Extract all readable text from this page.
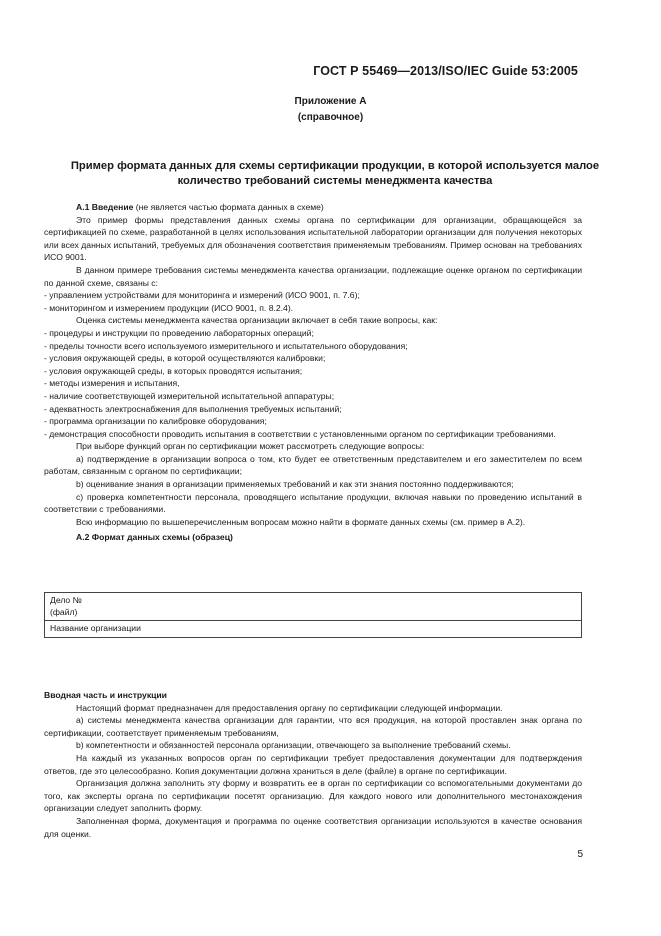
ГОСТ Р 55469—2013/ISO/IEC Guide 53:2005
Приложение А
(справочное)
Пример формата данных для схемы сертификации продукции, в которой используется малое
количество требований системы менеджмента качества

А.1 Введение (не является частью формата данных в схеме)

Это пример формы представления данных схемы органа по сертификации для организации, обращающейся за сертификацией по схеме, разработанной в целях использования испытательной лаборатории организации для получения некоторых или всех данных испытаний, требуемых для обозначения соответствия применяемым требованиям. Пример основан на требованиях ИСО 9001.

В данном примере требования системы менеджмента качества организации, подлежащие оценке органом по сертификации по данной схеме, связаны с:

- управлением устройствами для мониторинга и измерений (ИСО 9001, п. 7.6);

- мониторингом и измерением продукции (ИСО 9001, п. 8.2.4).

Оценка системы менеджмента качества организации включает в себя такие вопросы, как:

- процедуры и инструкции по проведению лабораторных операций;

- пределы точности всего используемого измерительного и испытательного оборудования;

- условия окружающей среды, в которой осуществляются калибровки;

- условия окружающей среды, в которых проводятся испытания;

- методы измерения и испытания,

- наличие соответствующей измерительной испытательной аппаратуры;

- адекватность электроснабжения для выполнения требуемых испытаний;

- программа организации по калибровке оборудования;

- демонстрация способности проводить испытания в соответствии с установленными органом по сертификации требованиями.

При выборе функций орган по сертификации может рассмотреть следующие вопросы:

а) подтверждение в организации вопроса о том, кто будет ее ответственным представителем и его заместителем по всем работам, связанным с органом по сертификации;

b) оценивание знания в организации применяемых требований и как эти знания постоянно поддерживаются;

c) проверка компетентности персонала, проводящего испытание продукции, включая навыки по проведению испытаний в соответствии с требованиями.

Всю информацию по вышеперечисленным вопросам можно найти в формате данных схемы (см. пример в А.2).

А.2 Формат данных схемы (образец)

Дело №
(файл)

Название организации

Вводная часть и инструкции

Настоящий формат предназначен для предоставления органу по сертификации следующей информации.

а) системы менеджмента качества организации для гарантии, что вся продукция, на которой проставлен знак органа по сертификации, соответствует применяемым требованиям,

b) компетентности и обязанностей персонала организации, отвечающего за выполнение требований схемы.

На каждый из указанных вопросов орган по сертификации требует предоставления документации для подтверждения ответов, где это целесообразно. Копия документации должна храниться в деле (файле) в органе по сертификации.

Организация должна заполнить эту форму и возвратить ее в орган по сертификации со вспомогательными документами до того, как эксперты органа по сертификации посетят организацию. Для каждого нового или дополнительного местонахождения организации следует заполнить форму.

Заполненная форма, документация и программа по оценке соответствия организации используются в качестве основания для оценки.

5
